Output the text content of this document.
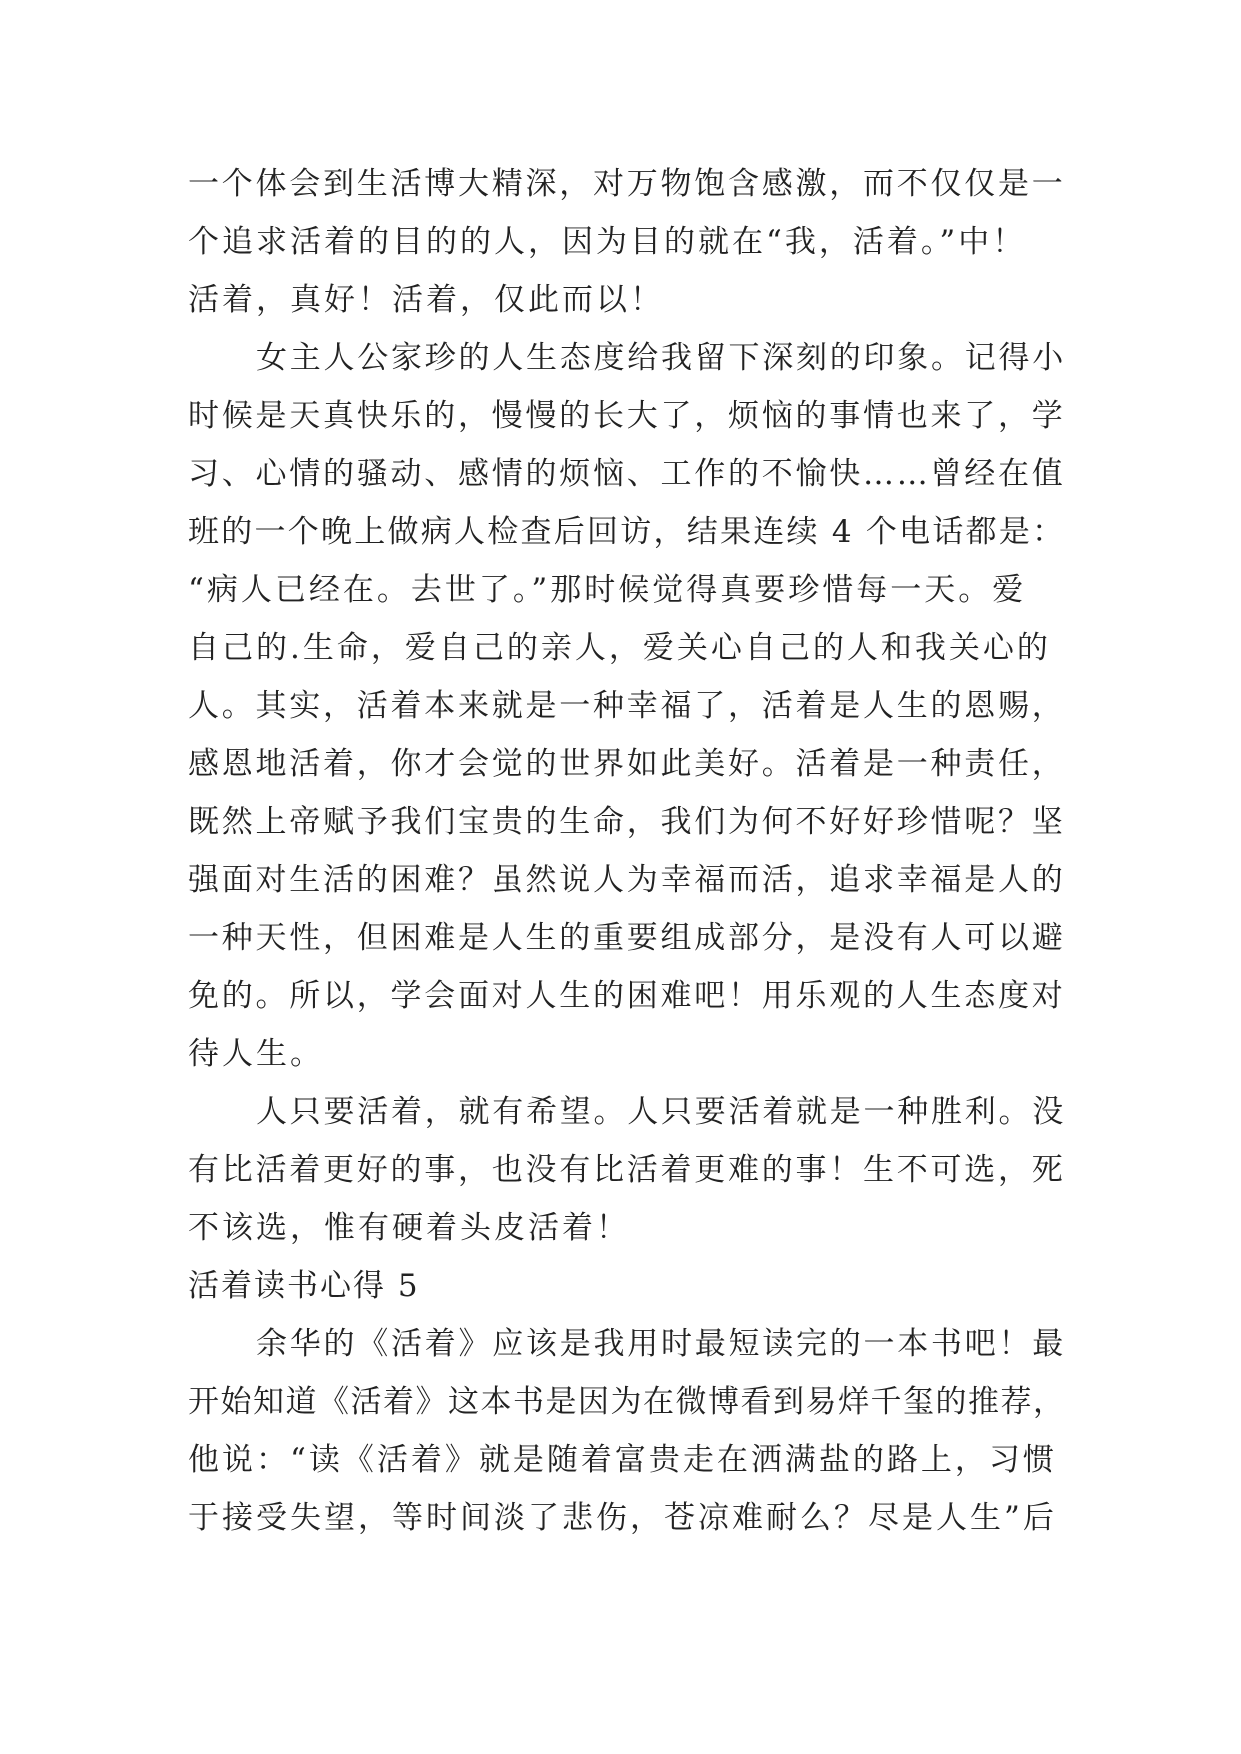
一个体会到生活博大精深，对万物饱含感激，而不仅仅是一
个追求活着的目的的人，因为目的就在“我，活着。”中！
活着，真好！活着，仅此而以！
女主人公家珍的人生态度给我留下深刻的印象。记得小
时候是天真快乐的，慢慢的长大了，烦恼的事情也来了，学
习、心情的骚动、感情的烦恼、工作的不愉快……曾经在值
班的一个晚上做病人检查后回访，结果连续 4 个电话都是：
“病人已经在。去世了。”那时候觉得真要珍惜每一天。爱
自己的.生命，爱自己的亲人，爱关心自己的人和我关心的
人。其实，活着本来就是一种幸福了，活着是人生的恩赐，
感恩地活着，你才会觉的世界如此美好。活着是一种责任，
既然上帝赋予我们宝贵的生命，我们为何不好好珍惜呢？坚
强面对生活的困难？虽然说人为幸福而活，追求幸福是人的
一种天性，但困难是人生的重要组成部分，是没有人可以避
免的。所以，学会面对人生的困难吧！用乐观的人生态度对
待人生。
人只要活着，就有希望。人只要活着就是一种胜利。没
有比活着更好的事，也没有比活着更难的事！生不可选，死
不该选，惟有硬着头皮活着！
活着读书心得 5
余华的《活着》应该是我用时最短读完的一本书吧！最
开始知道《活着》这本书是因为在微博看到易烊千玺的推荐，
他说：“读《活着》就是随着富贵走在洒满盐的路上，习惯
于接受失望，等时间淡了悲伤，苍凉难耐么？尽是人生”后
